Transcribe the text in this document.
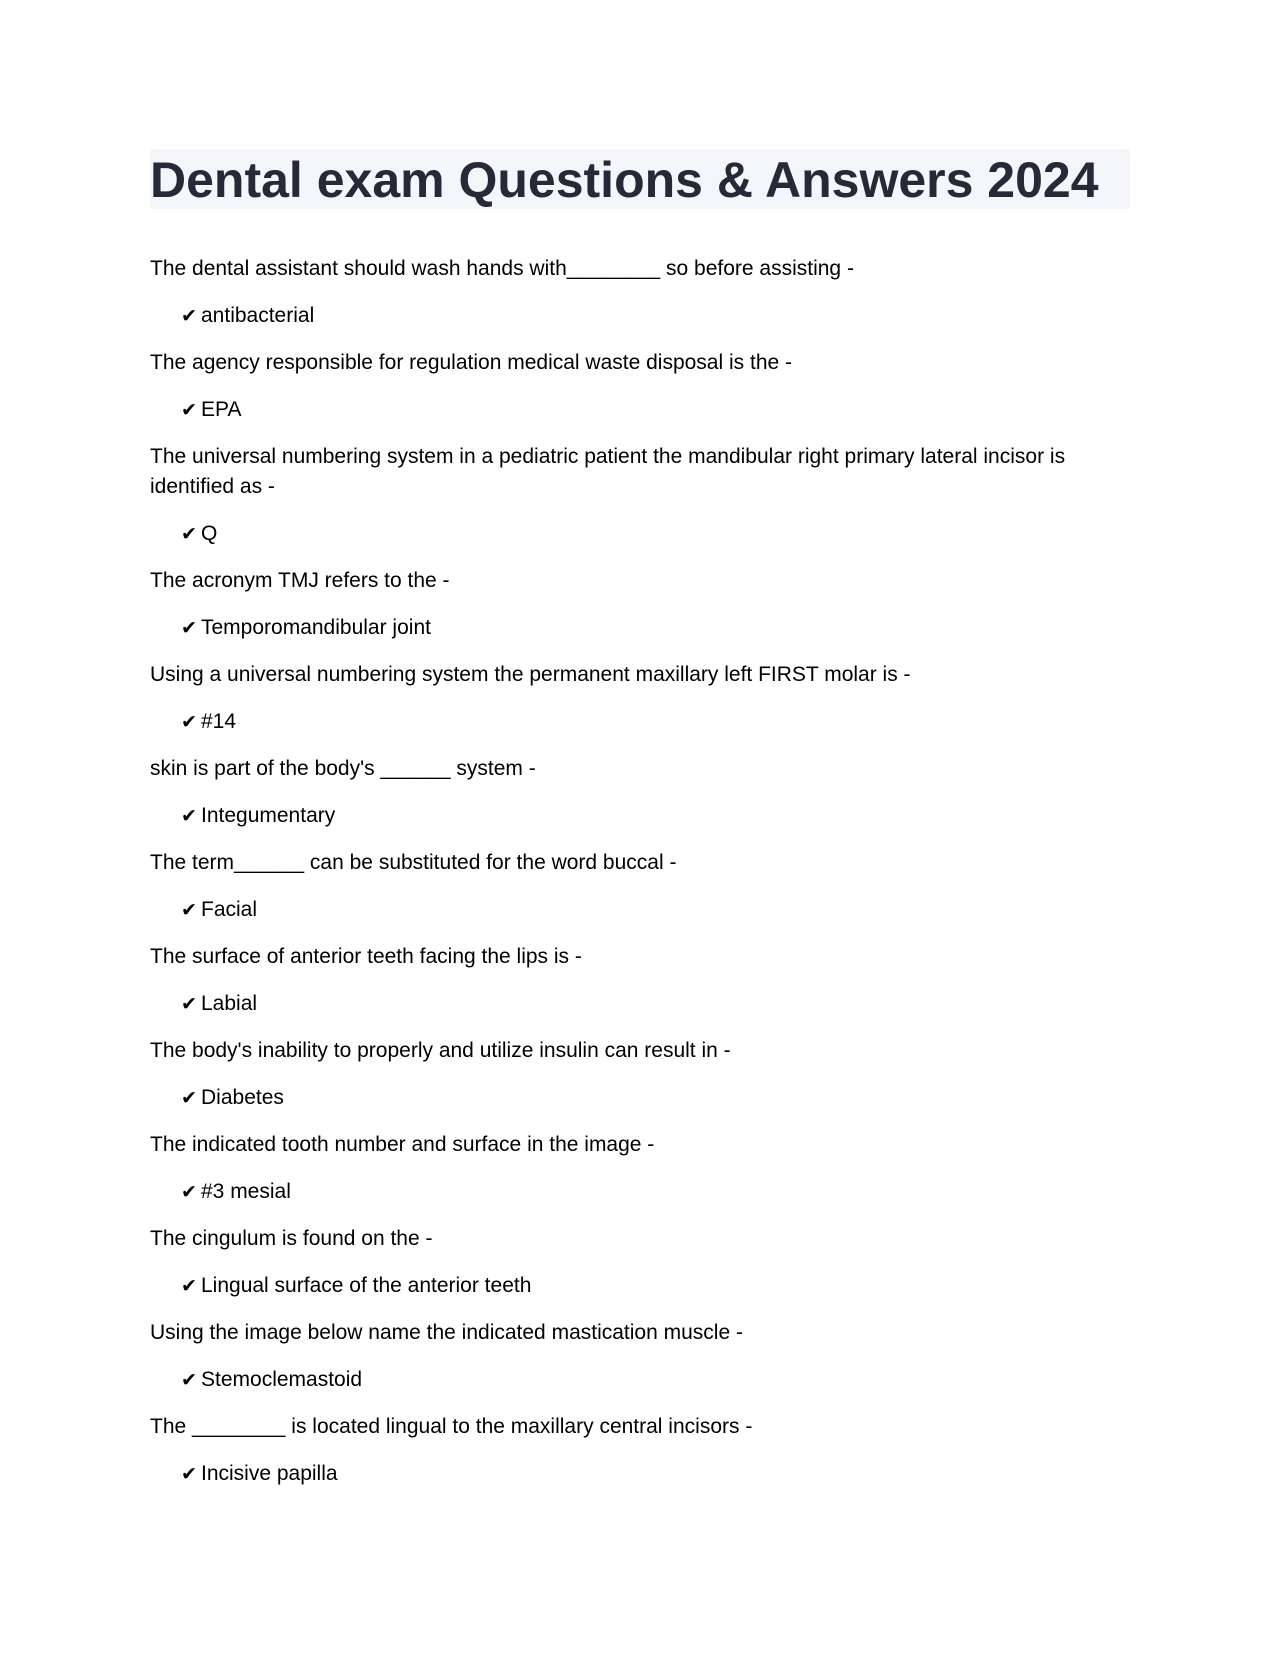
Dental exam Questions & Answers 2024

The dental assistant should wash hands with________ so before assisting -

✔ antibacterial

The agency responsible for regulation medical waste disposal is the -

✔ EPA

The universal numbering system in a pediatric patient the mandibular right primary lateral incisor is identified as -

✔ Q

The acronym TMJ refers to the -

✔ Temporomandibular joint

Using a universal numbering system the permanent maxillary left FIRST molar is -

✔ #14

skin is part of the body's ______ system -

✔ Integumentary

The term______ can be substituted for the word buccal -

✔ Facial

The surface of anterior teeth facing the lips is -

✔ Labial

The body's inability to properly and utilize insulin can result in -

✔ Diabetes

The indicated tooth number and surface in the image -

✔ #3 mesial

The cingulum is found on the -

✔ Lingual surface of the anterior teeth

Using the image below name the indicated mastication muscle -

✔ Stemoclemastoid

The ________ is located lingual to the maxillary central incisors -

✔ Incisive papilla
